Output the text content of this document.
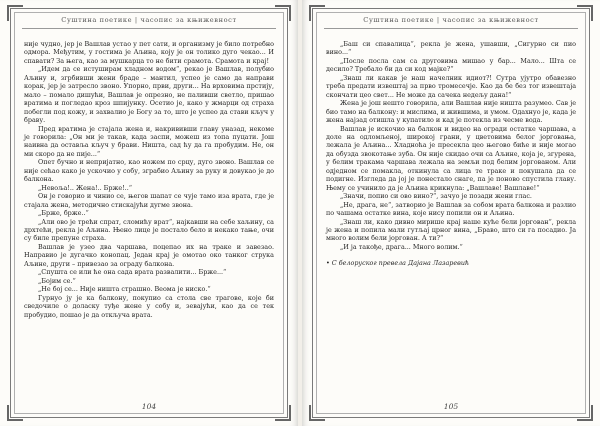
Суштина поетике | часопис за књижевност

није чудно, јер је Вашлав устао у пет сати, и организму је било потребно одмора. Међутим, у гостима је Аљина, коју је он толико дуго чекао... И спавати? За њега, као за мушкарца то не бити срамота. Срамота и крај!

„Идем да се истуширам хладном водом“, рекао је Вашлав, полубио Аљину и, згрбивши жени браде – мантил, успео је само да направи корак, јер је затресло звоно. Упорно, први, други... На врховима прстију, мало – помало дишући, Вашлав је опрезно, не паливши светло, пришао вратима и погледао кроз шпијунку. Осетио је, како у жмарци од страха побегли под кожу, и захвалио је Богу за то, што је успео да стави кључ у браву.

Пред вратима је стајала жена и, накрививши главу уназад, некоме је говорила: „Он ми је такав, када заспи, можеш из топа пуцати. Још наивна да оставља кључ у брави. Ништа, сад ћу да га пробудим. Не, он ми скоро да не пије...“

Опет бучно и непријатно, као ножем по срцу, дуго звоно. Вашлав се није сећао како је ускочио у собу, зграбио Аљину за руку и довукао је до балкона.

„Невоља!.. Жена!.. Брже!..“

Он је говорио и чинио се, његов шапат се чује тамо иза врата, где је стајала жена, методично стискајући дугме звона.

„Брже, брже..“

„Али ово је трећи спрат, сломићу врат“, најкавши на себе хаљину, са дрхтећи, рекла је Аљина. Њено лице је постало бело и некако тање, очи су биле препуне страха.

Вашлав је узео два чаршава, поцепао их на траке и завезао. Направио је дугачко конопац. Један крај је омотао око танког струка Аљине, други – привезао за ограду балкона.

„Спушта се или ће она сада врата развалити... Брже...“

„Бојим се.“

„Не бој се... Није ништа страшно. Веома је ниско.“

Гурнуо ју је ка балкону, покупио са стола све трагове, које би сведочиле о доласку туђе жене у собу и, зевајући, као да се тек пробудио, пошао је да откључа врата.

104
Суштина поетике | часопис за књижевност

„Баш си спавалица“, рекла је жена, ушавши, „Сигурно си пио вино...“

„После посла сам са друговима мишао у бар... Мало... Шта се десило? Требало би да си код мајке?“

„Знаш ли какав је наш начелник идиот?! Сутра ујутро обавезно треба предати извештај за прво тромесечје. Као да бе без тог извештаја скончати цео свет... Не може да сачека недељу дана!“

Жена је још нешто говорила, али Вашлав није ништа разумео. Сав је био тамо на балкону: и мислима, и жившима, и умом. Одахнуо је, када је жена најзад отишла у купатило и кад је потекла из чесме вода.

Вашлав је искочио на балкон и видео на огради остатке чаршава, а доле на одломљеној, широкој грани, у цветовима белог јорговања, лежала је Аљина... Хладноћа је пресекла цео његово биће и није могао да обузда звокотање зуба. Он није скидао очи са Аљине, која је, згурена, у белим тракама чаршава лежала на земљи под белим јоргованом. Али одједном се помакла, откинула са лица те траке и покушала да се подигне. Изгледа да јој је понестало снаге, па је поново спустила главу. Њему се учинило да је Аљина крикнула: „Вашлаве! Вашлаве!“

„Значи, попио си ово вино?“, зачуо је позади жени глас.

„Не, драга, не“, затворио је Вашлав за собом врата балкона и разлио по чашама остатке вина, које нису попили он и Аљина.

„Знаш ли, како дивно мирише крај наше куће бели јоргован“, рекла је жена и попила мали гутљај црног вина, „Браво, што си га посадио. Ја много волим бели јоргован. А ти?“

„И ја такође, драга... Много волим.“

• С белоруског превела Дајана Лазаревић

105
